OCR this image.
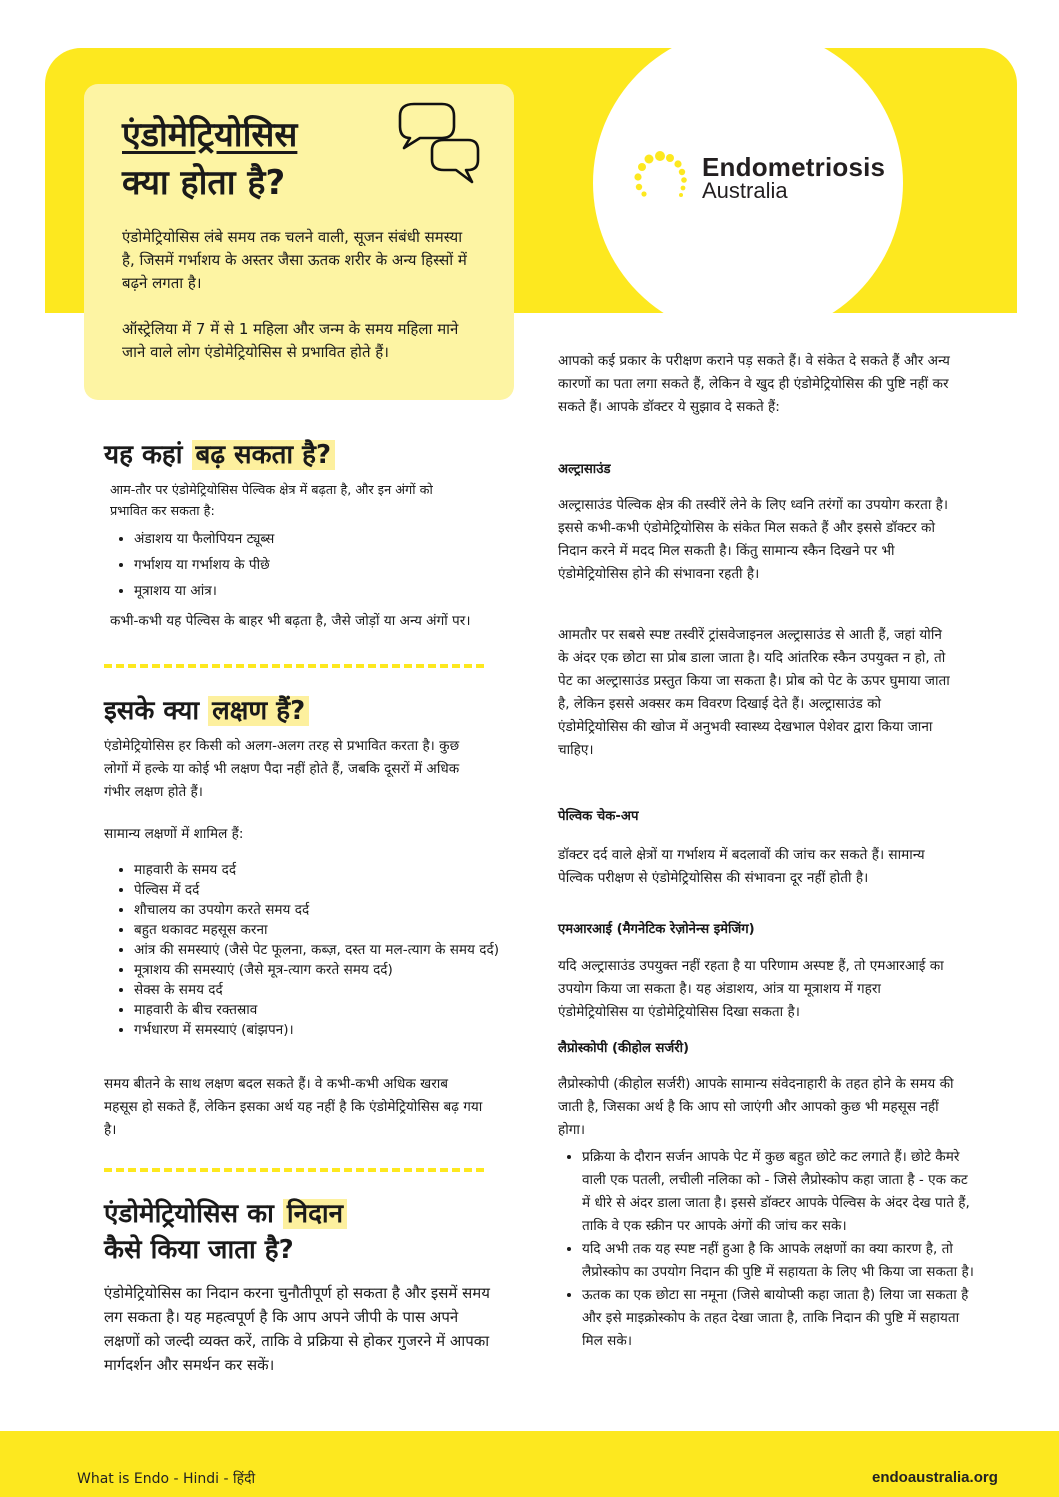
एंडोमेट्रियोसिस
क्या होता है?
एंडोमेट्रियोसिस लंबे समय तक चलने वाली, सूजन संबंधी समस्या है, जिसमें गर्भाशय के अस्तर जैसा ऊतक शरीर के अन्य हिस्सों में बढ़ने लगता है।
ऑस्ट्रेलिया में 7 में से 1 महिला और जन्म के समय महिला माने जाने वाले लोग एंडोमेट्रियोसिस से प्रभावित होते हैं।
Endometriosis
Australia
यह कहां बढ़ सकता है?
आम-तौर पर एंडोमेट्रियोसिस पेल्विक क्षेत्र में बढ़ता है, और इन अंगों को प्रभावित कर सकता है:
• अंडाशय या फैलोपियन ट्यूब्स
• गर्भाशय या गर्भाशय के पीछे
• मूत्राशय या आंत्र।
कभी-कभी यह पेल्विस के बाहर भी बढ़ता है, जैसे जोड़ों या अन्य अंगों पर।
इसके क्या लक्षण हैं?
एंडोमेट्रियोसिस हर किसी को अलग-अलग तरह से प्रभावित करता है। कुछ लोगों में हल्के या कोई भी लक्षण पैदा नहीं होते हैं, जबकि दूसरों में अधिक गंभीर लक्षण होते हैं।
सामान्य लक्षणों में शामिल हैं:
• माहवारी के समय दर्द
• पेल्विस में दर्द
• शौचालय का उपयोग करते समय दर्द
• बहुत थकावट महसूस करना
• आंत्र की समस्याएं (जैसे पेट फूलना, कब्ज़, दस्त या मल-त्याग के समय दर्द)
• मूत्राशय की समस्याएं (जैसे मूत्र-त्याग करते समय दर्द)
• सेक्स के समय दर्द
• माहवारी के बीच रक्तस्राव
• गर्भधारण में समस्याएं (बांझपन)।
समय बीतने के साथ लक्षण बदल सकते हैं। वे कभी-कभी अधिक खराब महसूस हो सकते हैं, लेकिन इसका अर्थ यह नहीं है कि एंडोमेट्रियोसिस बढ़ गया है।
एंडोमेट्रियोसिस का निदान
कैसे किया जाता है?
एंडोमेट्रियोसिस का निदान करना चुनौतीपूर्ण हो सकता है और इसमें समय लग सकता है। यह महत्वपूर्ण है कि आप अपने जीपी के पास अपने लक्षणों को जल्दी व्यक्त करें, ताकि वे प्रक्रिया से होकर गुजरने में आपका मार्गदर्शन और समर्थन कर सकें।
आपको कई प्रकार के परीक्षण कराने पड़ सकते हैं। वे संकेत दे सकते हैं और अन्य कारणों का पता लगा सकते हैं, लेकिन वे खुद ही एंडोमेट्रियोसिस की पुष्टि नहीं कर सकते हैं। आपके डॉक्टर ये सुझाव दे सकते हैं:
अल्ट्रासाउंड
अल्ट्रासाउंड पेल्विक क्षेत्र की तस्वीरें लेने के लिए ध्वनि तरंगों का उपयोग करता है। इससे कभी-कभी एंडोमेट्रियोसिस के संकेत मिल सकते हैं और इससे डॉक्टर को निदान करने में मदद मिल सकती है। किंतु सामान्य स्कैन दिखने पर भी एंडोमेट्रियोसिस होने की संभावना रहती है।
आमतौर पर सबसे स्पष्ट तस्वीरें ट्रांसवेजाइनल अल्ट्रासाउंड से आती हैं, जहां योनि के अंदर एक छोटा सा प्रोब डाला जाता है। यदि आंतरिक स्कैन उपयुक्त न हो, तो पेट का अल्ट्रासाउंड प्रस्तुत किया जा सकता है। प्रोब को पेट के ऊपर घुमाया जाता है, लेकिन इससे अक्सर कम विवरण दिखाई देते हैं। अल्ट्रासाउंड को एंडोमेट्रियोसिस की खोज में अनुभवी स्वास्थ्य देखभाल पेशेवर द्वारा किया जाना चाहिए।
पेल्विक चेक-अप
डॉक्टर दर्द वाले क्षेत्रों या गर्भाशय में बदलावों की जांच कर सकते हैं। सामान्य पेल्विक परीक्षण से एंडोमेट्रियोसिस की संभावना दूर नहीं होती है।
एमआरआई (मैगनेटिक रेज़ोनेन्स इमेजिंग)
यदि अल्ट्रासाउंड उपयुक्त नहीं रहता है या परिणाम अस्पष्ट हैं, तो एमआरआई का उपयोग किया जा सकता है। यह अंडाशय, आंत्र या मूत्राशय में गहरा एंडोमेट्रियोसिस या एंडोमेट्रियोसिस दिखा सकता है।
लैप्रोस्कोपी (कीहोल सर्जरी)
लैप्रोस्कोपी (कीहोल सर्जरी) आपके सामान्य संवेदनाहारी के तहत होने के समय की जाती है, जिसका अर्थ है कि आप सो जाएंगी और आपको कुछ भी महसूस नहीं होगा।
• प्रक्रिया के दौरान सर्जन आपके पेट में कुछ बहुत छोटे कट लगाते हैं। छोटे कैमरे वाली एक पतली, लचीली नलिका को - जिसे लैप्रोस्कोप कहा जाता है - एक कट में धीरे से अंदर डाला जाता है। इससे डॉक्टर आपके पेल्विस के अंदर देख पाते हैं, ताकि वे एक स्क्रीन पर आपके अंगों की जांच कर सके।
• यदि अभी तक यह स्पष्ट नहीं हुआ है कि आपके लक्षणों का क्या कारण है, तो लैप्रोस्कोप का उपयोग निदान की पुष्टि में सहायता के लिए भी किया जा सकता है।
• ऊतक का एक छोटा सा नमूना (जिसे बायोप्सी कहा जाता है) लिया जा सकता है और इसे माइक्रोस्कोप के तहत देखा जाता है, ताकि निदान की पुष्टि में सहायता मिल सके।
What is Endo - Hindi - हिंदी	endoaustralia.org
